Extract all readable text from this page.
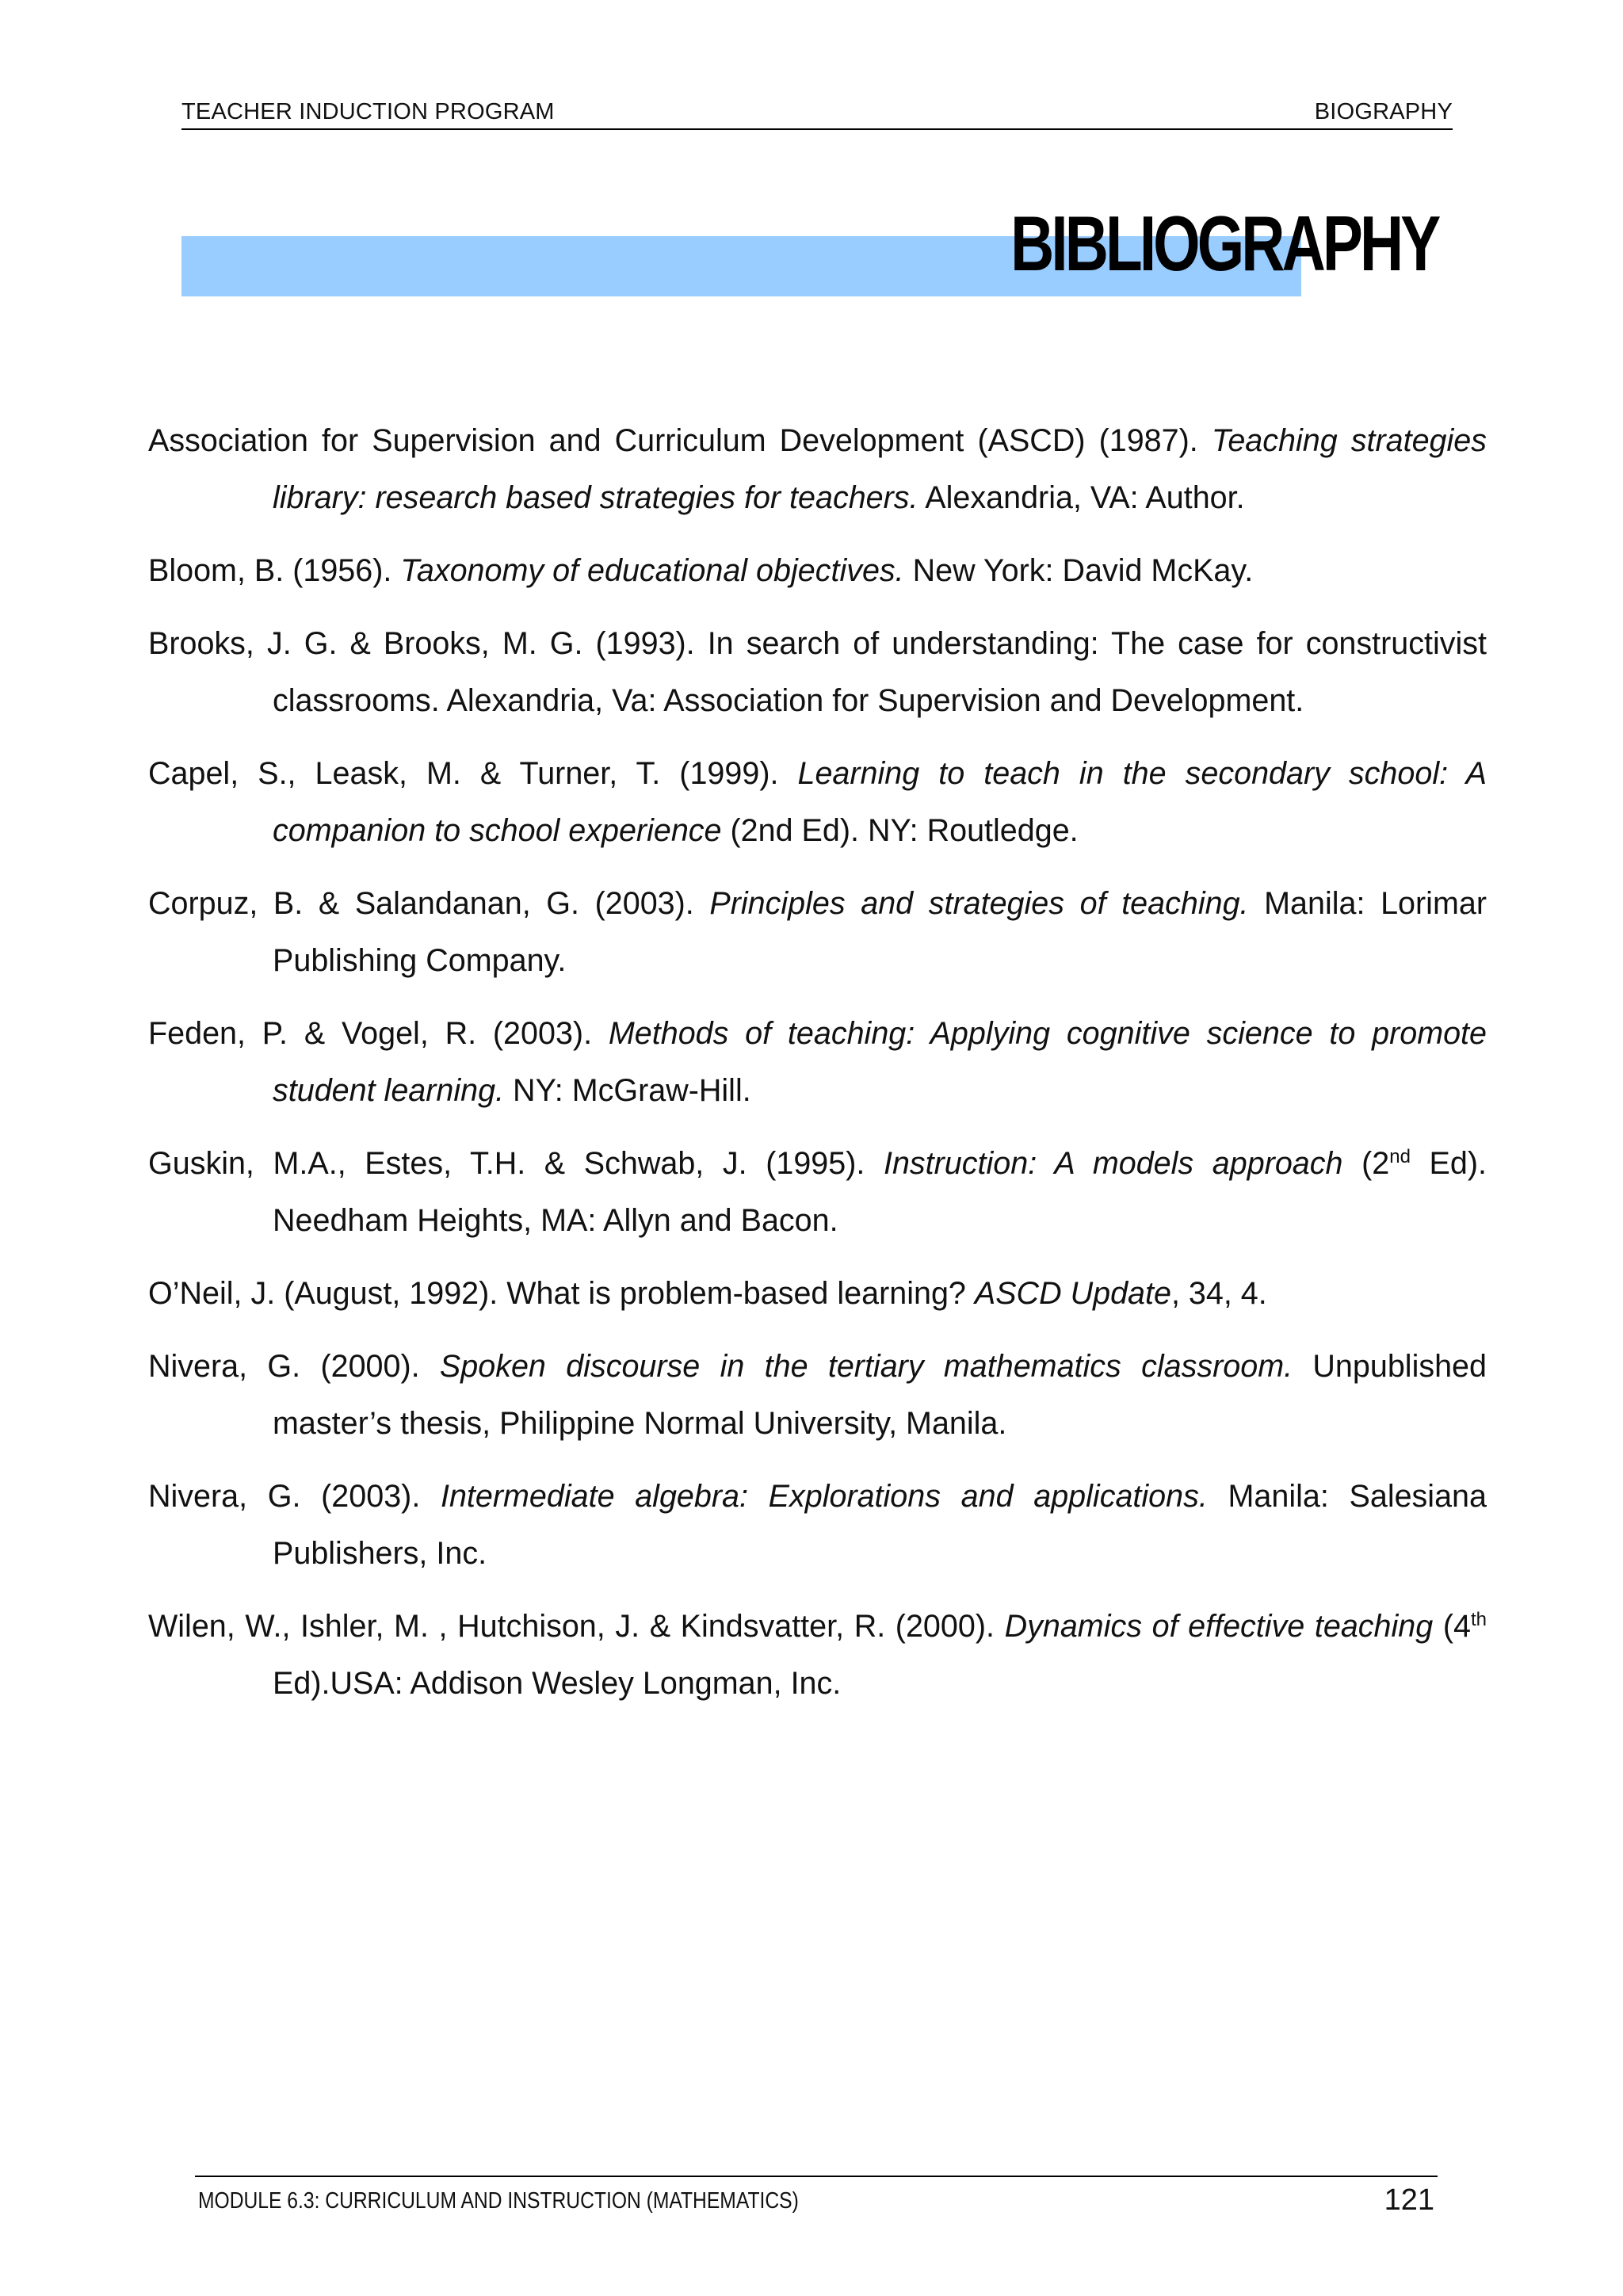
TEACHER INDUCTION PROGRAM	BIOGRAPHY
BIBLIOGRAPHY

Association for Supervision and Curriculum Development (ASCD) (1987). Teaching strategies library: research based strategies for teachers. Alexandria, VA: Author.

Bloom, B. (1956). Taxonomy of educational objectives. New York: David McKay.

Brooks, J. G. & Brooks, M. G. (1993). In search of understanding: The case for constructivist classrooms. Alexandria, Va: Association for Supervision and Development.

Capel, S., Leask, M. & Turner, T. (1999). Learning to teach in the secondary school: A companion to school experience (2nd Ed). NY: Routledge.

Corpuz, B. & Salandanan, G. (2003). Principles and strategies of teaching. Manila: Lorimar Publishing Company.

Feden, P. & Vogel, R. (2003). Methods of teaching: Applying cognitive science to promote student learning. NY: McGraw-Hill.

Guskin, M.A., Estes, T.H. & Schwab, J. (1995). Instruction: A models approach (2nd Ed). Needham Heights, MA: Allyn and Bacon.

O’Neil, J. (August, 1992). What is problem-based learning? ASCD Update, 34, 4.

Nivera, G. (2000). Spoken discourse in the tertiary mathematics classroom. Unpublished master’s thesis, Philippine Normal University, Manila.

Nivera, G. (2003). Intermediate algebra: Explorations and applications. Manila: Salesiana Publishers, Inc.

Wilen, W., Ishler, M. , Hutchison, J. & Kindsvatter, R. (2000). Dynamics of effective teaching (4th Ed).USA: Addison Wesley Longman, Inc.

MODULE 6.3: CURRICULUM AND INSTRUCTION (MATHEMATICS)	121
